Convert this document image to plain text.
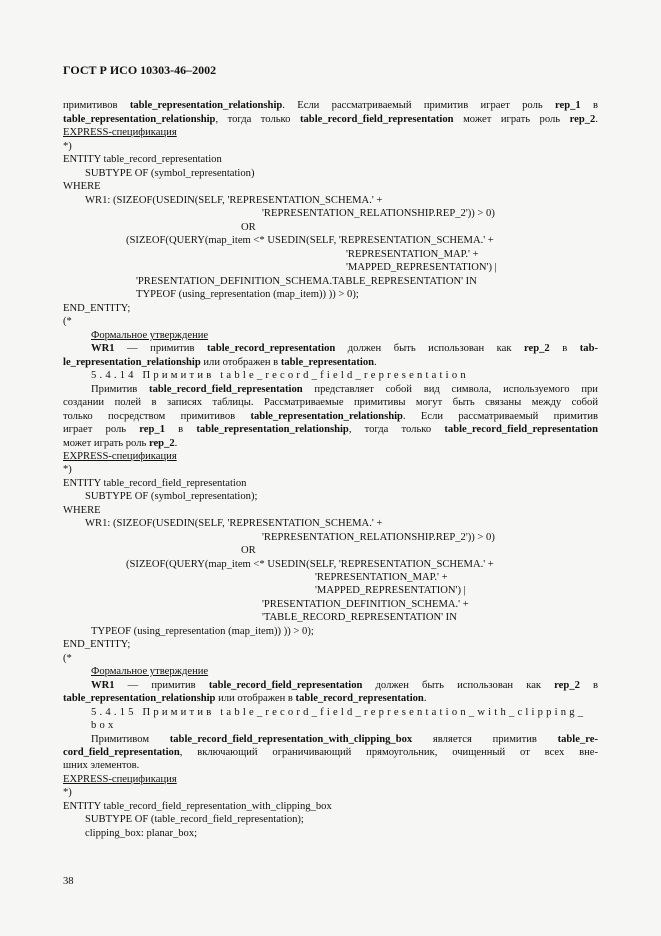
ГОСТ Р ИСО 10303-46–2002
примитивов table_representation_relationship. Если рассматриваемый примитив играет роль rep_1 в
table_representation_relationship, тогда только table_record_field_representation может играть роль rep_2.
EXPRESS-спецификация
*)
ENTITY table_record_representation
SUBTYPE OF (symbol_representation)
WHERE
WR1: (SIZEOF(USEDIN(SELF, 'REPRESENTATION_SCHEMA.' +
'REPRESENTATION_RELATIONSHIP.REP_2')) > 0)
OR
(SIZEOF(QUERY(map_item <* USEDIN(SELF, 'REPRESENTATION_SCHEMA.' +
'REPRESENTATION_MAP.' +
'MAPPED_REPRESENTATION') |
'PRESENTATION_DEFINITION_SCHEMA.TABLE_REPRESENTATION' IN
TYPEOF (using_representation (map_item)) )) > 0);
END_ENTITY;
(*
Формальное утверждение
WR1 — примитив table_record_representation должен быть использован как rep_2 в tab-
le_representation_relationship или отображен в table_representation.
5.4.14 Примитив table_record_field_representation
Примитив table_record_field_representation представляет собой вид символа, используемого при
создании полей в записях таблицы. Рассматриваемые примитивы могут быть связаны между собой
только посредством примитивов table_representation_relationship. Если рассматриваемый примитив
играет роль rep_1 в table_representation_relationship, тогда только table_record_field_representation
может играть роль rep_2.
EXPRESS-спецификация
*)
ENTITY table_record_field_representation
SUBTYPE OF (symbol_representation);
WHERE
WR1: (SIZEOF(USEDIN(SELF, 'REPRESENTATION_SCHEMA.' +
'REPRESENTATION_RELATIONSHIP.REP_2')) > 0)
OR
(SIZEOF(QUERY(map_item <* USEDIN(SELF, 'REPRESENTATION_SCHEMA.' +
'REPRESENTATION_MAP.' +
'MAPPED_REPRESENTATION') |
'PRESENTATION_DEFINITION_SCHEMA.' +
'TABLE_RECORD_REPRESENTATION' IN
TYPEOF (using_representation (map_item)) )) > 0);
END_ENTITY;
(*
Формальное утверждение
WR1 — примитив table_record_field_representation должен быть использован как rep_2 в
table_representation_relationship или отображен в table_record_representation.
5.4.15 Примитив table_record_field_representation_with_clipping_
box
Примитивом table_record_field_representation_with_clipping_box является примитив table_re-
cord_field_representation, включающий ограничивающий прямоугольник, очищенный от всех вне-
шних элементов.
EXPRESS-спецификация
*)
ENTITY table_record_field_representation_with_clipping_box
SUBTYPE OF (table_record_field_representation);
clipping_box: planar_box;
38
